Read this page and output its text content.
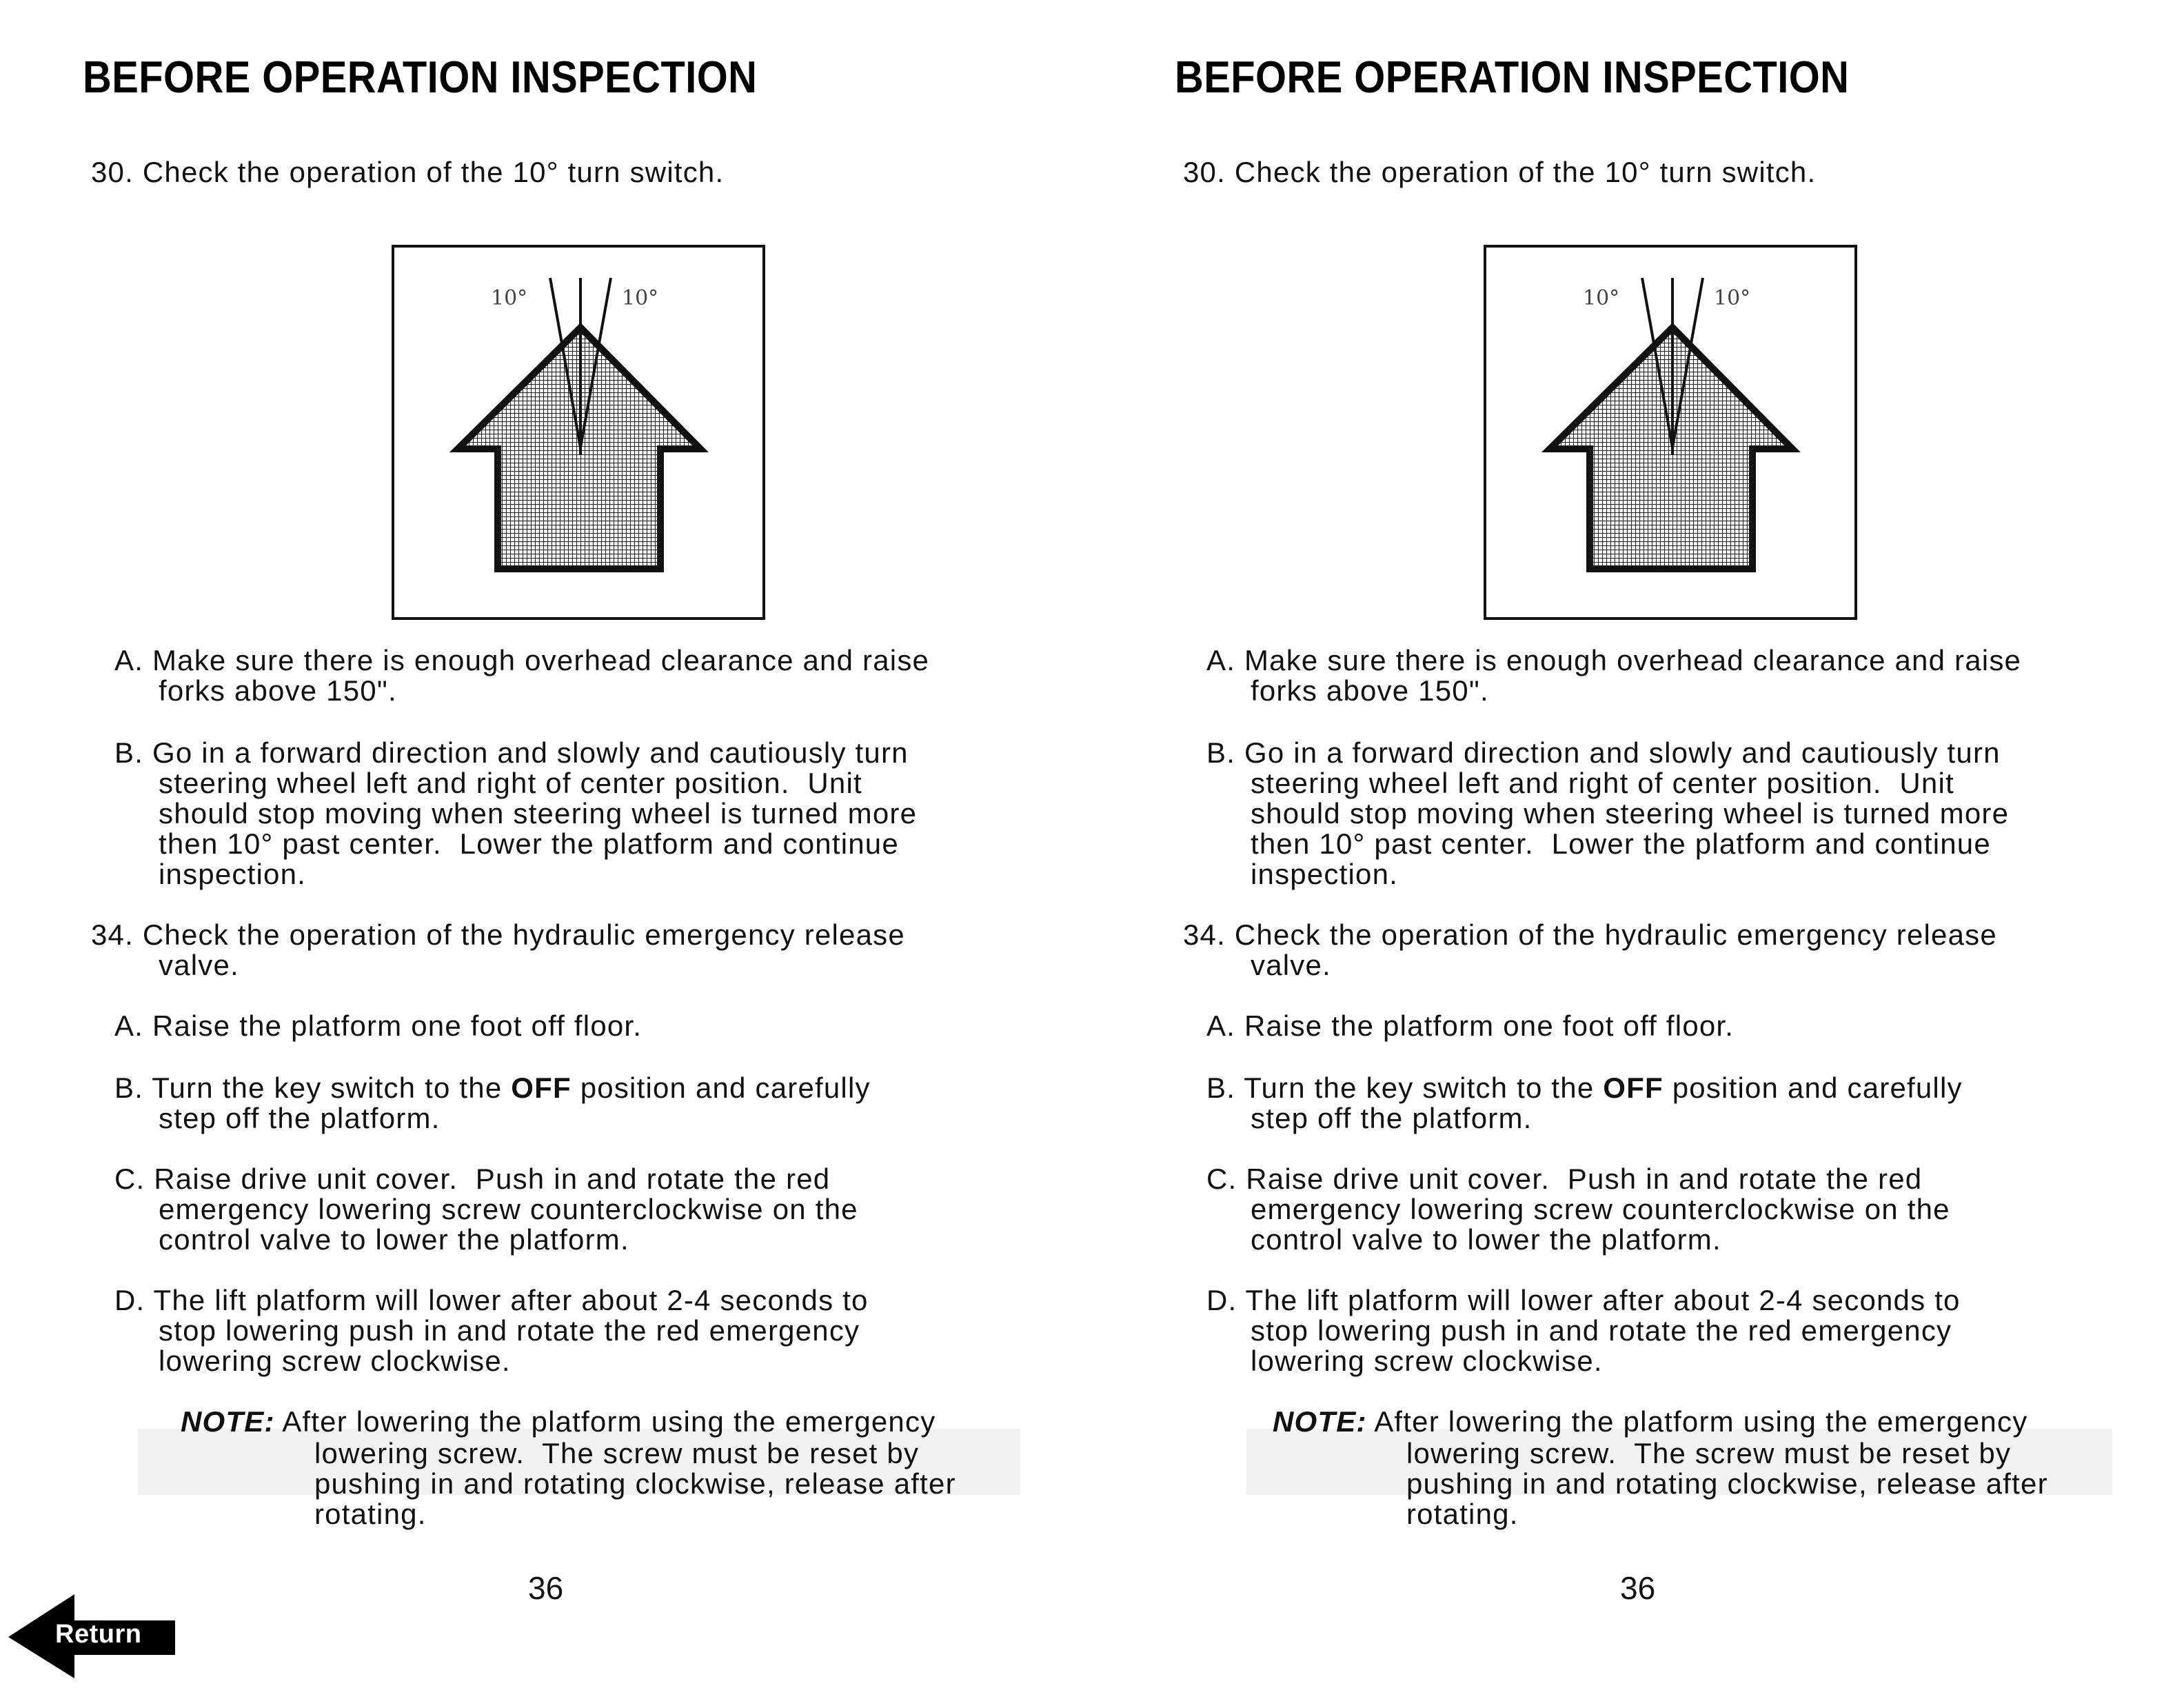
BEFORE OPERATION INSPECTION
30. Check the operation of the 10° turn switch.
10°	10°
A. Make sure there is enough overhead clearance and raise
forks above 150".
B. Go in a forward direction and slowly and cautiously turn
steering wheel left and right of center position.  Unit
should stop moving when steering wheel is turned more
then 10° past center.  Lower the platform and continue
inspection.
34. Check the operation of the hydraulic emergency release
valve.
A. Raise the platform one foot off floor.
B. Turn the key switch to the OFF position and carefully
step off the platform.
C. Raise drive unit cover.  Push in and rotate the red
emergency lowering screw counterclockwise on the
control valve to lower the platform.
D. The lift platform will lower after about 2-4 seconds to
stop lowering push in and rotate the red emergency
lowering screw clockwise.
NOTE: After lowering the platform using the emergency
lowering screw.  The screw must be reset by
pushing in and rotating clockwise, release after
rotating.
36
Return
BEFORE OPERATION INSPECTION
30. Check the operation of the 10° turn switch.
10°	10°
A. Make sure there is enough overhead clearance and raise
forks above 150".
B. Go in a forward direction and slowly and cautiously turn
steering wheel left and right of center position.  Unit
should stop moving when steering wheel is turned more
then 10° past center.  Lower the platform and continue
inspection.
34. Check the operation of the hydraulic emergency release
valve.
A. Raise the platform one foot off floor.
B. Turn the key switch to the OFF position and carefully
step off the platform.
C. Raise drive unit cover.  Push in and rotate the red
emergency lowering screw counterclockwise on the
control valve to lower the platform.
D. The lift platform will lower after about 2-4 seconds to
stop lowering push in and rotate the red emergency
lowering screw clockwise.
NOTE: After lowering the platform using the emergency
lowering screw.  The screw must be reset by
pushing in and rotating clockwise, release after
rotating.
36
